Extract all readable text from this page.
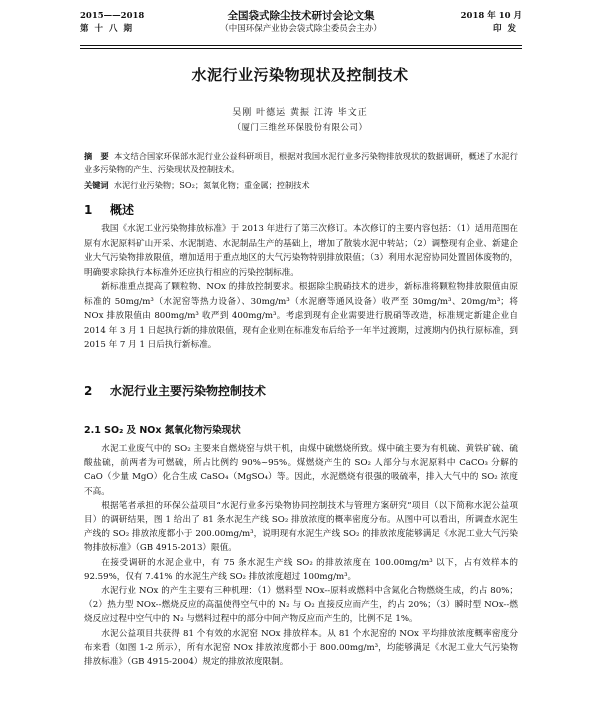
2015——2018
第十八期
全国袋式除尘技术研讨会论文集
（中国环保产业协会袋式除尘委员会主办）
2018 年 10 月
印发
水泥行业污染物现状及控制技术
吴刚 叶德运 黄振 江涛 毕文正
（厦门三维丝环保股份有限公司）
摘　要 本文结合国家环保部水泥行业公益科研项目，根据对我国水泥行业多污染物排放现状的数据调研，概述了水泥行业多污染物的产生、污染现状及控制技术。
关键词 水泥行业污染物；SO₂；氮氧化物；重金属；控制技术
1 概述

我国《水泥工业污染物排放标准》于 2013 年进行了第三次修订。本次修订的主要内容包括：（1）适用范围在原有水泥原料矿山开采、水泥制造、水泥制品生产的基础上，增加了散装水泥中转站；（2）调整现有企业、新建企业大气污染物排放限值，增加适用于重点地区的大气污染物特别排放限值；（3）利用水泥窑协同处置固体废物的，明确要求除执行本标准外还应执行相应的污染控制标准。

新标准重点提高了颗粒物、NOx 的排放控制要求。根据除尘脱硝技术的进步，新标准将颗粒物排放限值由原标准的 50mg/m³（水泥窑等热力设备）、30mg/m³（水泥磨等通风设备）收严至 30mg/m³、20mg/m³；将 NOx 排放限值由 800mg/m³ 收严到 400mg/m³。考虑到现有企业需要进行脱硝等改造，标准规定新建企业自 2014 年 3 月 1 日起执行新的排放限值，现有企业则在标准发布后给予一年半过渡期，过渡期内仍执行原标准，到 2015 年 7 月 1 日后执行新标准。

2 水泥行业主要污染物控制技术
2.1 SO₂ 及 NOx 氮氧化物污染现状

水泥工业废气中的 SO₂ 主要来自燃烧窑与烘干机，由煤中硫燃烧所致。煤中硫主要为有机硫、黄铁矿硫、硫酸盐硫，前两者为可燃硫，所占比例约 90%~95%。煤燃烧产生的 SO₂ 人部分与水泥原料中 CaCO₃ 分解的 CaO（少量 MgO）化合生成 CaSO₄（MgSO₄）等。因此，水泥燃烧有很强的吸硫率，排入大气中的 SO₂ 浓度不高。

根据笔者承担的环保公益项目“水泥行业多污染物协同控制技术与管理方案研究”项目（以下简称水泥公益项目）的调研结果，图 1 给出了 81 条水泥生产线 SO₂ 排放浓度的概率密度分布。从图中可以看出，所调查水泥生产线的 SO₂ 排放浓度都小于 200.00mg/m³，说明现有水泥生产线 SO₂ 的排放浓度能够满足《水泥工业大气污染物排放标准》（GB 4915-2013）限值。

在接受调研的水泥企业中，有 75 条水泥生产线 SO₂ 的排放浓度在 100.00mg/m³ 以下，占有效样本的 92.59%，仅有 7.41% 的水泥生产线 SO₂ 排放浓度超过 100mg/m³。

水泥行业 NOx 的产生主要有三种机理：（1）燃料型 NOx--原料或燃料中含氮化合物燃烧生成，约占 80%；（2）热力型 NOx--燃烧反应的高温使得空气中的 N₂ 与 O₂ 直接反应而产生，约占 20%；（3）瞬时型 NOx--燃烧反应过程中空气中的 N₂ 与燃料过程中的部分中间产物反应而产生的，比例不足 1%。

水泥公益项目共获得 81 个有效的水泥窑 NOx 排放样本。从 81 个水泥窑的 NOx 平均排放浓度概率密度分布来看（如图 1-2 所示），所有水泥窑 NOx 排放浓度都小于 800.00mg/m³，均能够满足《水泥工业大气污染物排放标准》（GB 4915-2004）规定的排放浓度限制。
